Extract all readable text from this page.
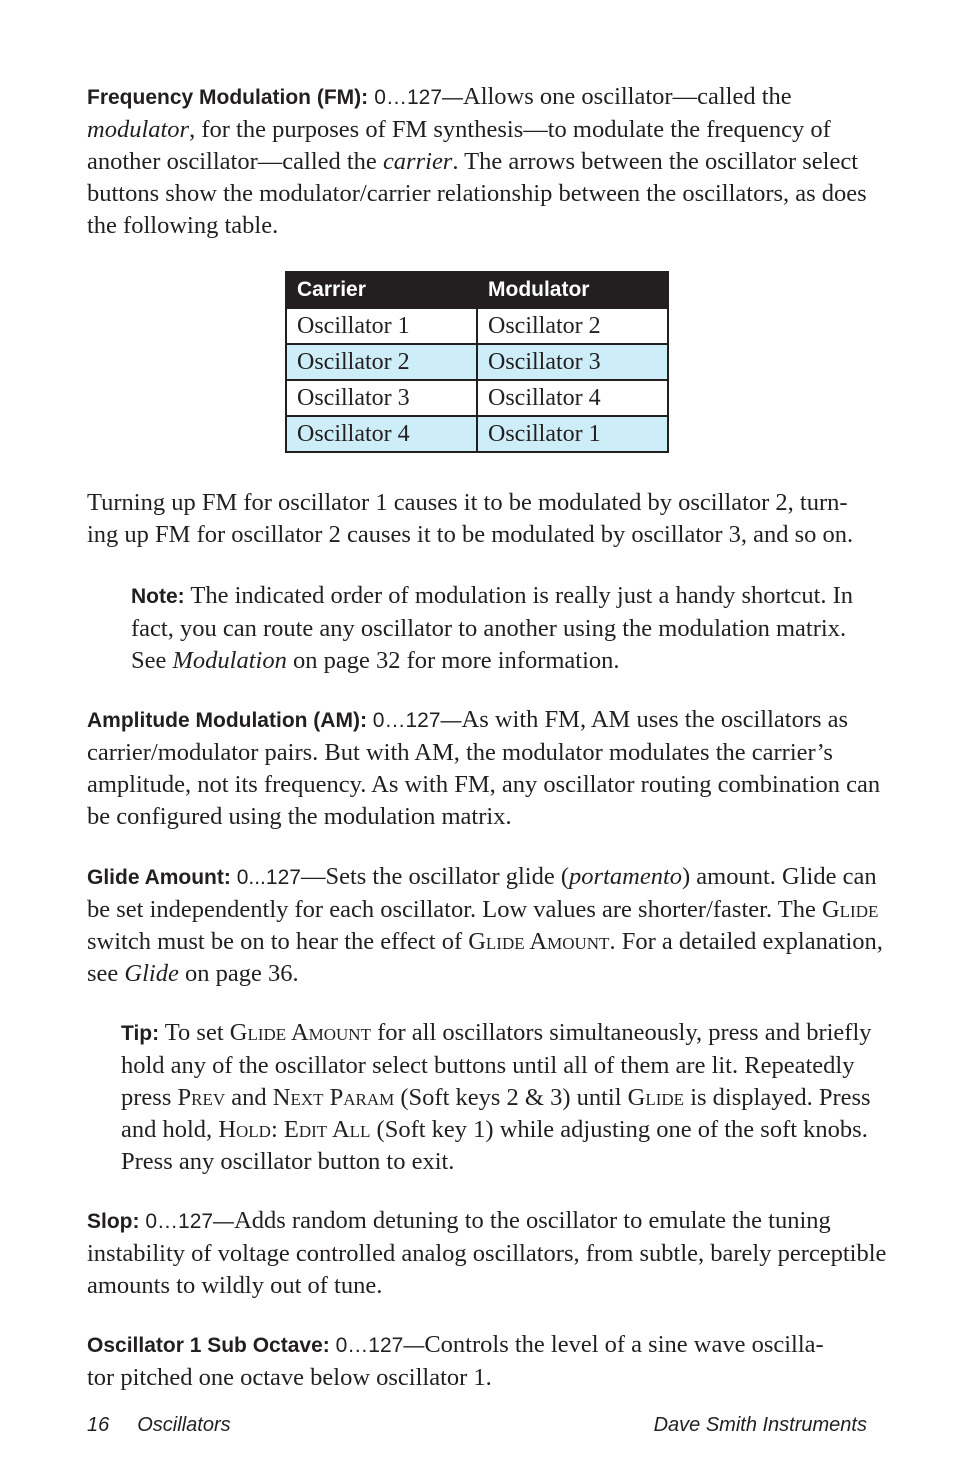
Frequency Modulation (FM): 0…127—Allows one oscillator—called the modulator, for the purposes of FM synthesis—to modulate the frequency of another oscillator—called the carrier. The arrows between the oscillator select buttons show the modulator/carrier relationship between the oscillators, as does the following table.

Carrier	Modulator
Oscillator 1	Oscillator 2
Oscillator 2	Oscillator 3
Oscillator 3	Oscillator 4
Oscillator 4	Oscillator 1

Turning up FM for oscillator 1 causes it to be modulated by oscillator 2, turn-
ing up FM for oscillator 2 causes it to be modulated by oscillator 3, and so on.

Note: The indicated order of modulation is really just a handy shortcut. In fact, you can route any oscillator to another using the modulation matrix. See Modulation on page 32 for more information.

Amplitude Modulation (AM): 0…127—As with FM, AM uses the oscillators as carrier/modulator pairs. But with AM, the modulator modulates the carrier’s amplitude, not its frequency. As with FM, any oscillator routing combination can be configured using the modulation matrix.

Glide Amount: 0...127—Sets the oscillator glide (portamento) amount. Glide can be set independently for each oscillator. Low values are shorter/faster. The Glide switch must be on to hear the effect of Glide Amount. For a detailed explanation, see Glide on page 36.

Tip: To set Glide Amount for all oscillators simultaneously, press and briefly hold any of the oscillator select buttons until all of them are lit. Repeatedly press Prev and Next Param (Soft keys 2 & 3) until Glide is displayed. Press and hold, Hold: Edit All (Soft key 1) while adjusting one of the soft knobs. Press any oscillator button to exit.

Slop: 0…127—Adds random detuning to the oscillator to emulate the tuning instability of voltage controlled analog oscillators, from subtle, barely perceptible amounts to wildly out of tune.

Oscillator 1 Sub Octave: 0…127—Controls the level of a sine wave oscilla-
tor pitched one octave below oscillator 1.

16 Oscillators	Dave Smith Instruments
